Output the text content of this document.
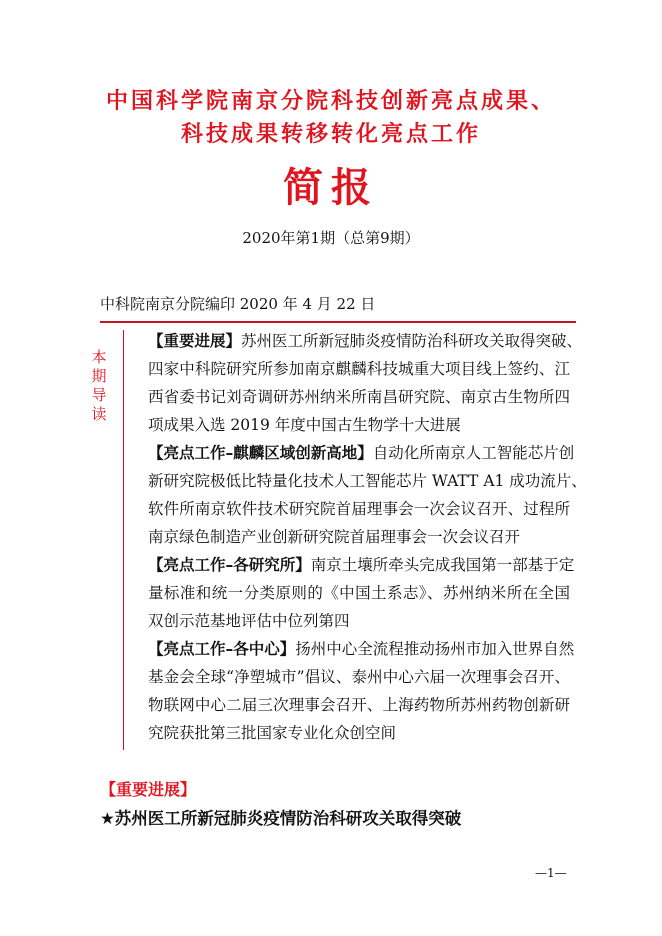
中国科学院南京分院科技创新亮点成果、
科技成果转移转化亮点工作
简报
2020年第1期（总第9期）
中科院南京分院编印 2020 年 4 月 22 日
本
期
导
读
【重要进展】苏州医工所新冠肺炎疫情防治科研攻关取得突破、
四家中科院研究所参加南京麒麟科技城重大项目线上签约、江
西省委书记刘奇调研苏州纳米所南昌研究院、南京古生物所四
项成果入选 2019 年度中国古生物学十大进展
【亮点工作–麒麟区域创新高地】自动化所南京人工智能芯片创
新研究院极低比特量化技术人工智能芯片 WATT A1 成功流片、
软件所南京软件技术研究院首届理事会一次会议召开、过程所
南京绿色制造产业创新研究院首届理事会一次会议召开
【亮点工作–各研究所】南京土壤所牵头完成我国第一部基于定
量标准和统一分类原则的《中国土系志》、苏州纳米所在全国
双创示范基地评估中位列第四
【亮点工作–各中心】扬州中心全流程推动扬州市加入世界自然
基金会全球“净塑城市”倡议、泰州中心六届一次理事会召开、
物联网中心二届三次理事会召开、上海药物所苏州药物创新研
究院获批第三批国家专业化众创空间
【重要进展】
★苏州医工所新冠肺炎疫情防治科研攻关取得突破
—1—
